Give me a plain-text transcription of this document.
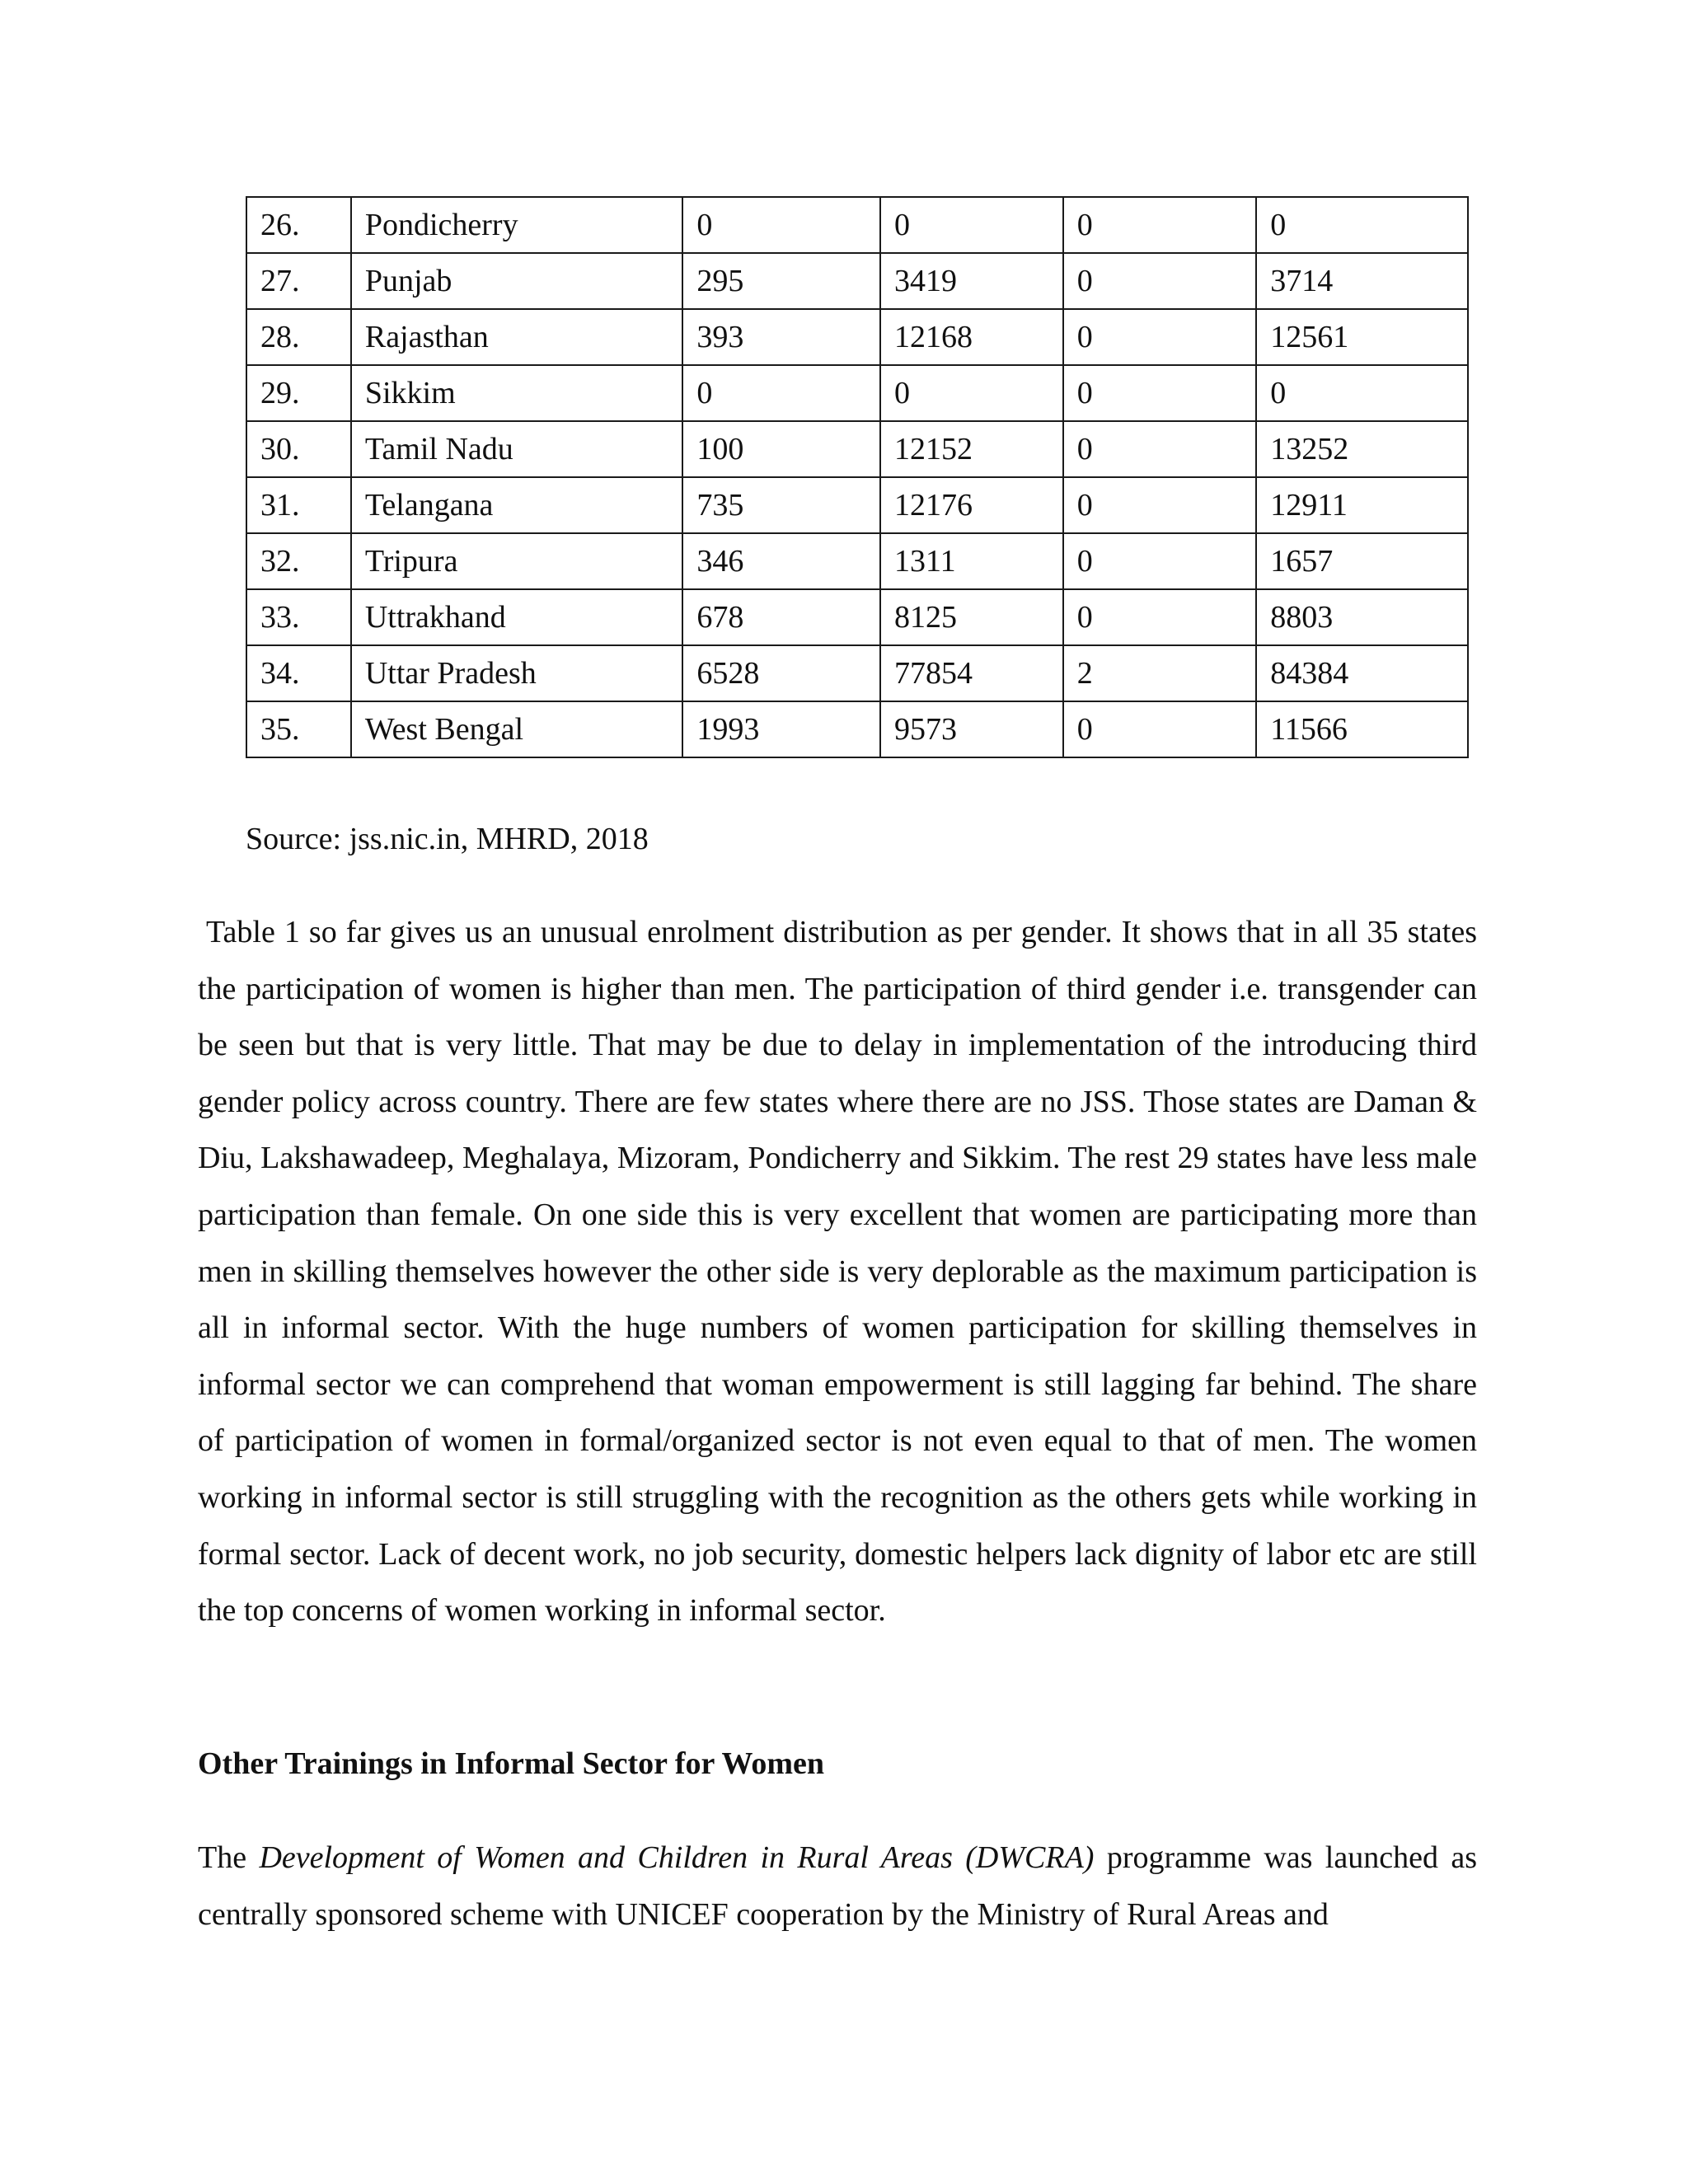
26.	Pondicherry	0	0	0	0
27.	Punjab	295	3419	0	3714
28.	Rajasthan	393	12168	0	12561
29.	Sikkim	0	0	0	0
30.	Tamil Nadu	100	12152	0	13252
31.	Telangana	735	12176	0	12911
32.	Tripura	346	1311	0	1657
33.	Uttrakhand	678	8125	0	8803
34.	Uttar Pradesh	6528	77854	2	84384
35.	West Bengal	1993	9573	0	11566
Source: jss.nic.in, MHRD, 2018

Table 1 so far gives us an unusual enrolment distribution as per gender. It shows that in all 35 states the participation of women is higher than men. The participation of third gender i.e. transgender can be seen but that is very little. That may be due to delay in implementation of the introducing third gender policy across country. There are few states where there are no JSS. Those states are Daman & Diu, Lakshawadeep, Meghalaya, Mizoram, Pondicherry and Sikkim. The rest 29 states have less male participation than female. On one side this is very excellent that women are participating more than men in skilling themselves however the other side is very deplorable as the maximum participation is all in informal sector. With the huge numbers of women participation for skilling themselves in informal sector we can comprehend that woman empowerment is still lagging far behind. The share of participation of women in formal/organized sector is not even equal to that of men. The women working in informal sector is still struggling with the recognition as the others gets while working in formal sector. Lack of decent work, no job security, domestic helpers lack dignity of labor etc are still the top concerns of women working in informal sector.

Other Trainings in Informal Sector for Women

The Development of Women and Children in Rural Areas (DWCRA) programme was launched as centrally sponsored scheme with UNICEF cooperation by the Ministry of Rural Areas and
